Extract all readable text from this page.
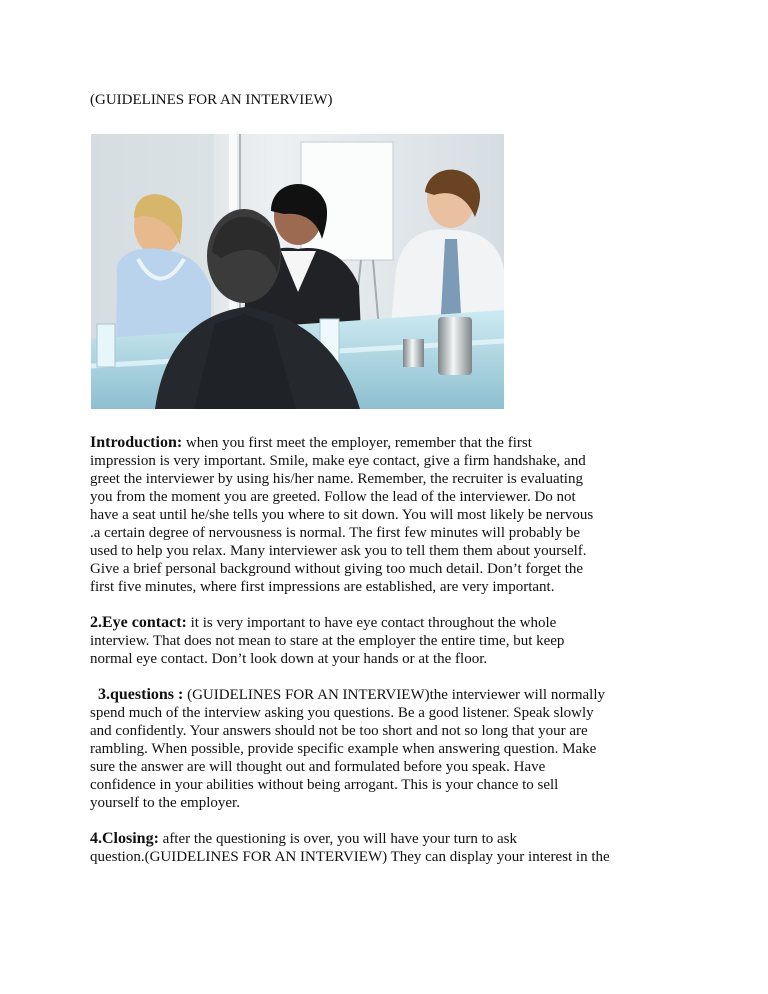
(GUIDELINES FOR AN INTERVIEW)

Introduction: when you first meet the employer, remember that the first
impression is very important. Smile, make eye contact, give a firm handshake, and
greet the interviewer by using his/her name. Remember, the recruiter is evaluating
you from the moment you are greeted. Follow the lead of the interviewer. Do not
have a seat until he/she tells you where to sit down. You will most likely be nervous
.a certain degree of nervousness is normal. The first few minutes will probably be
used to help you relax. Many interviewer ask you to tell them them about yourself.
Give a brief personal background without giving too much detail. Don’t forget the
first five minutes, where first impressions are established, are very important.

2.Eye contact: it is very important to have eye contact throughout the whole
interview. That does not mean to stare at the employer the entire time, but keep
normal eye contact. Don’t look down at your hands or at the floor.

3.questions : (GUIDELINES FOR AN INTERVIEW)the interviewer will normally
spend much of the interview asking you questions. Be a good listener. Speak slowly
and confidently. Your answers should not be too short and not so long that your are
rambling. When possible, provide specific example when answering question. Make
sure the answer are will thought out and formulated before you speak. Have
confidence in your abilities without being arrogant. This is your chance to sell
yourself to the employer.

4.Closing: after the questioning is over, you will have your turn to ask
question.(GUIDELINES FOR AN INTERVIEW) They can display your interest in the
